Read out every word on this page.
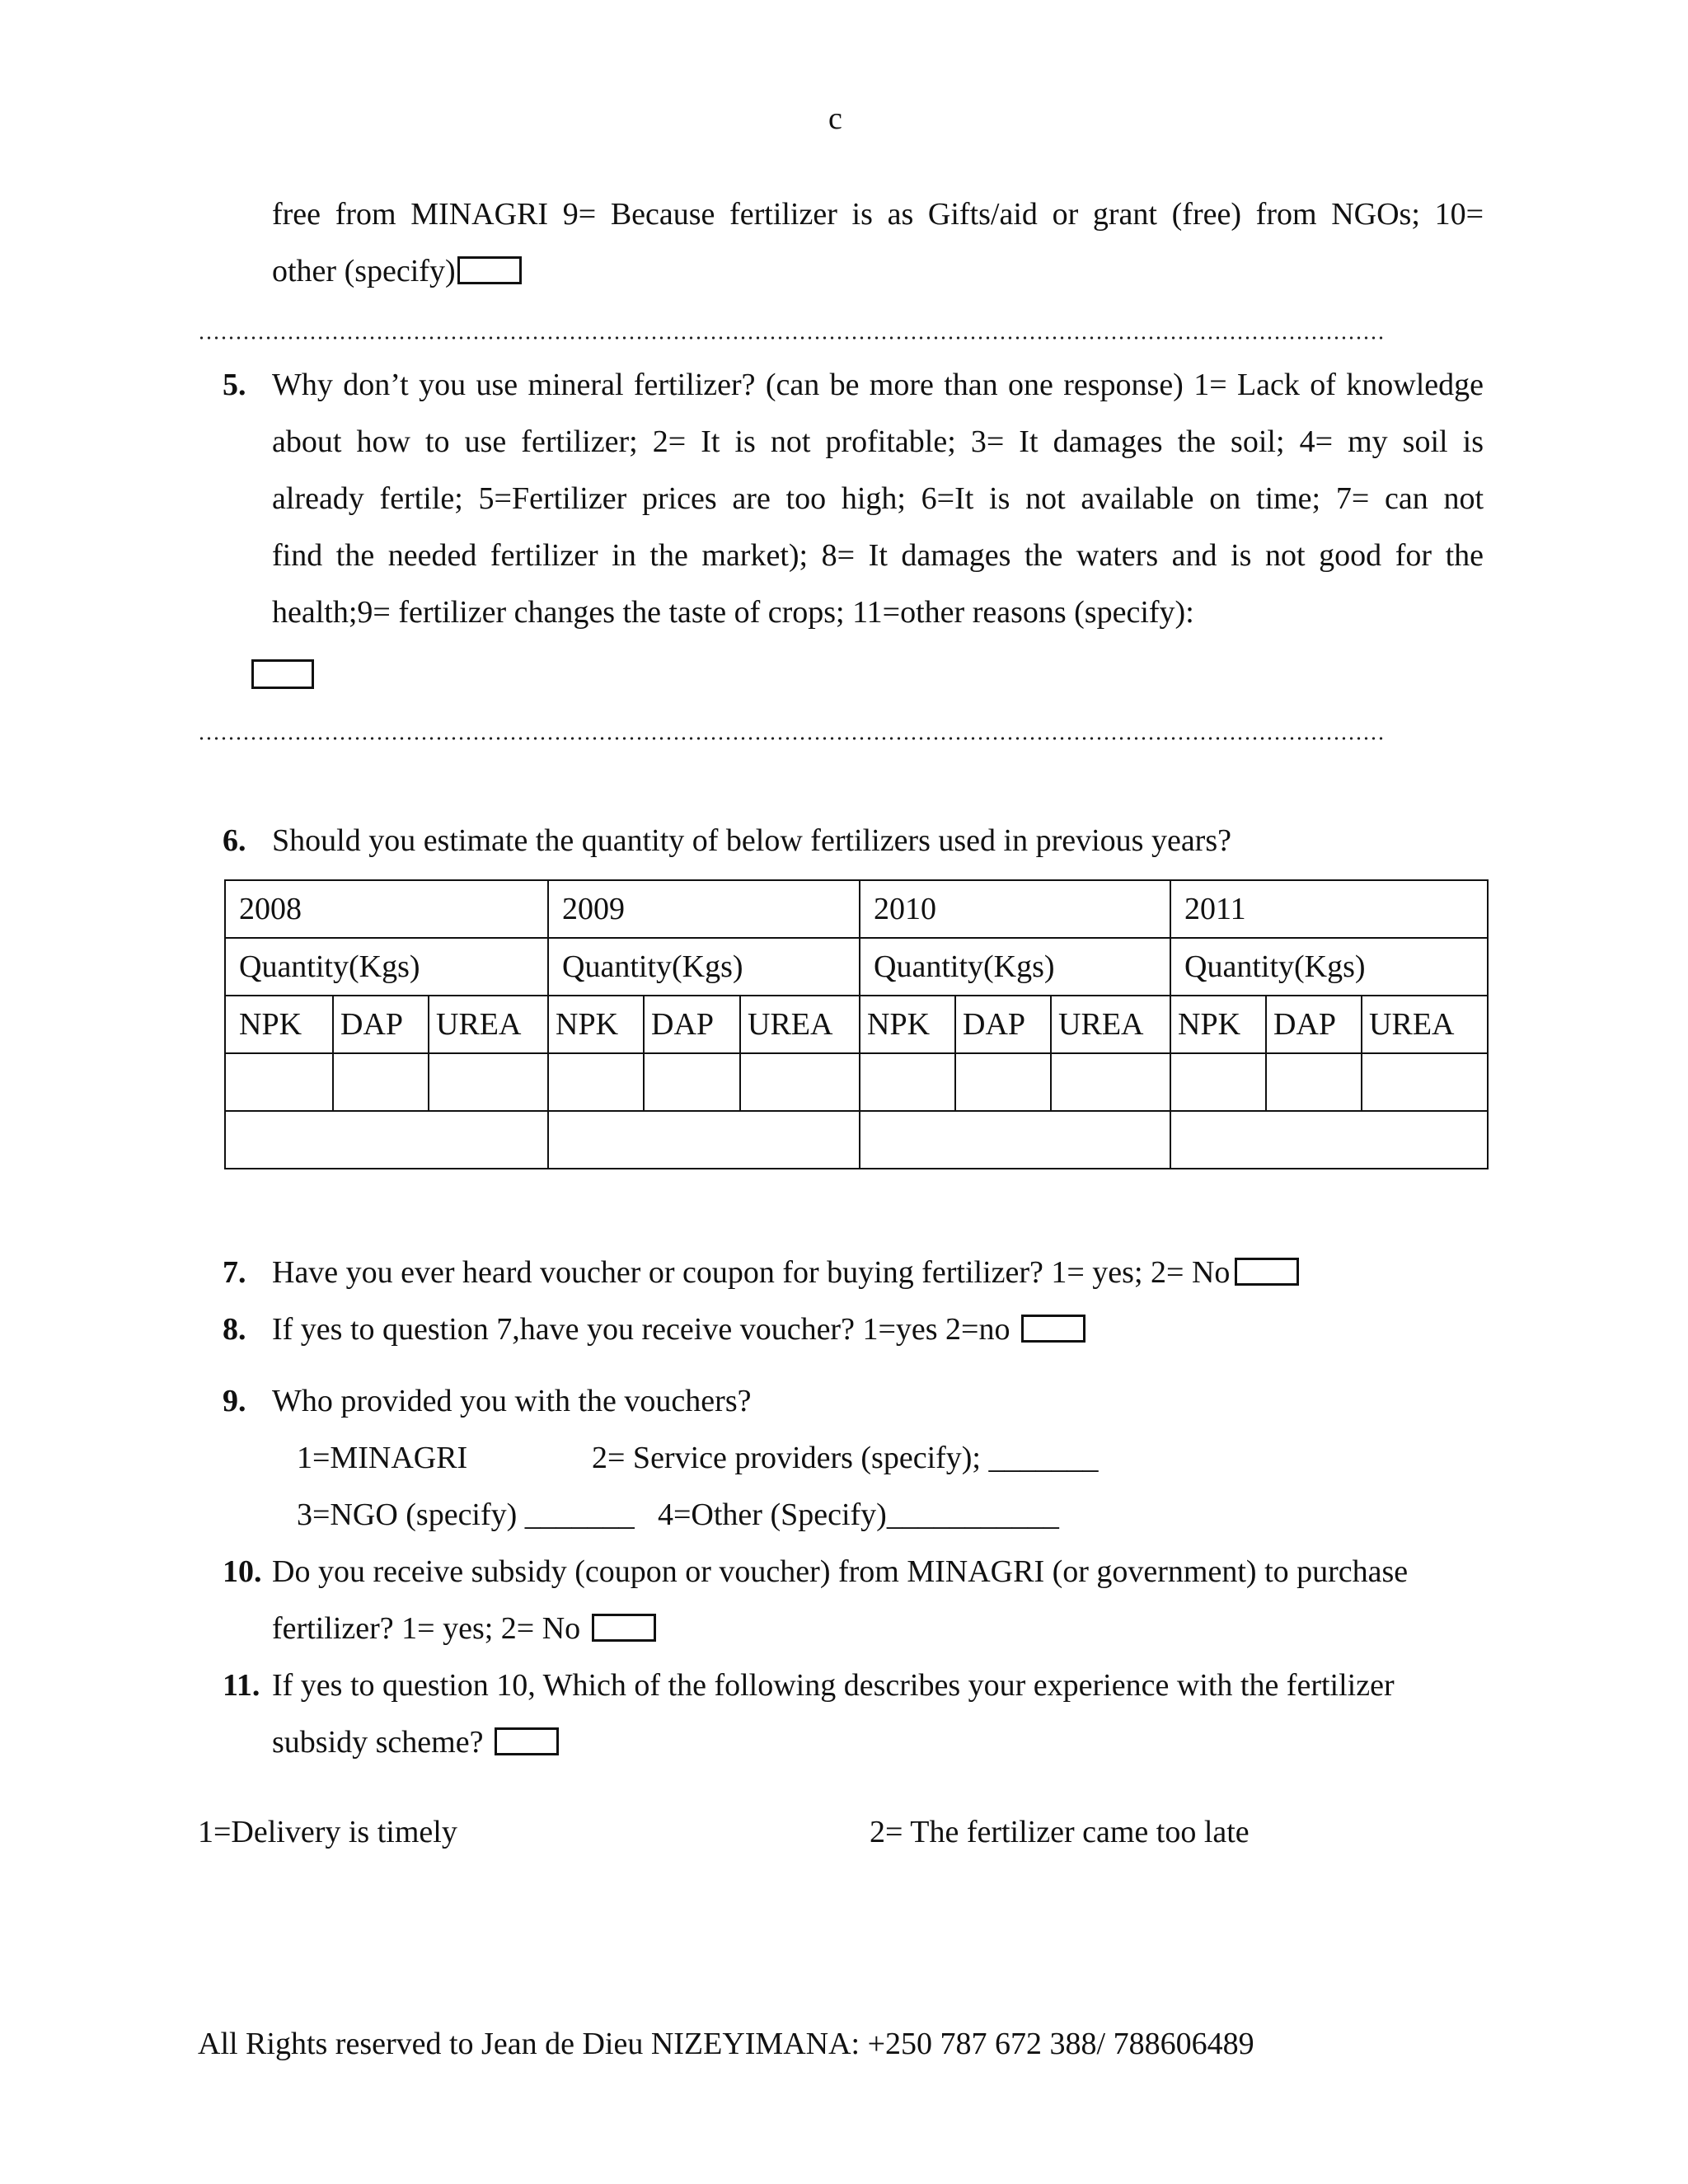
c
free from MINAGRI 9= Because fertilizer is as Gifts/aid or grant (free) from NGOs; 10=
other (specify)
5. Why don’t you use mineral fertilizer? (can be more than one response) 1= Lack of knowledge
about how to use fertilizer; 2= It is not profitable; 3= It damages the soil; 4= my soil is
already fertile; 5=Fertilizer prices are too high; 6=It is not available on time; 7= can not
find the needed fertilizer in the market); 8= It damages the waters and is not good for the
health;9= fertilizer changes the taste of crops; 11=other reasons (specify):
6. Should you estimate the quantity of below fertilizers used in previous years?
2008			2009			2010			2011		
Quantity(Kgs)			Quantity(Kgs)			Quantity(Kgs)			Quantity(Kgs)		
NPK	DAP	UREA	NPK	DAP	UREA	NPK	DAP	UREA	NPK	DAP	UREA

7. Have you ever heard voucher or coupon for buying fertilizer? 1= yes; 2= No
8. If yes to question 7,have you receive voucher? 1=yes 2=no
9. Who provided you with the vouchers?
1=MINAGRI	2= Service providers (specify); _______
3=NGO (specify) _______ 4=Other (Specify)___________
10. Do you receive subsidy (coupon or voucher) from MINAGRI (or government) to purchase
fertilizer? 1= yes; 2= No
11. If yes to question 10, Which of the following describes your experience with the fertilizer
subsidy scheme?
1=Delivery is timely	2= The fertilizer came too late
All Rights reserved to Jean de Dieu NIZEYIMANA: +250 787 672 388/ 788606489
